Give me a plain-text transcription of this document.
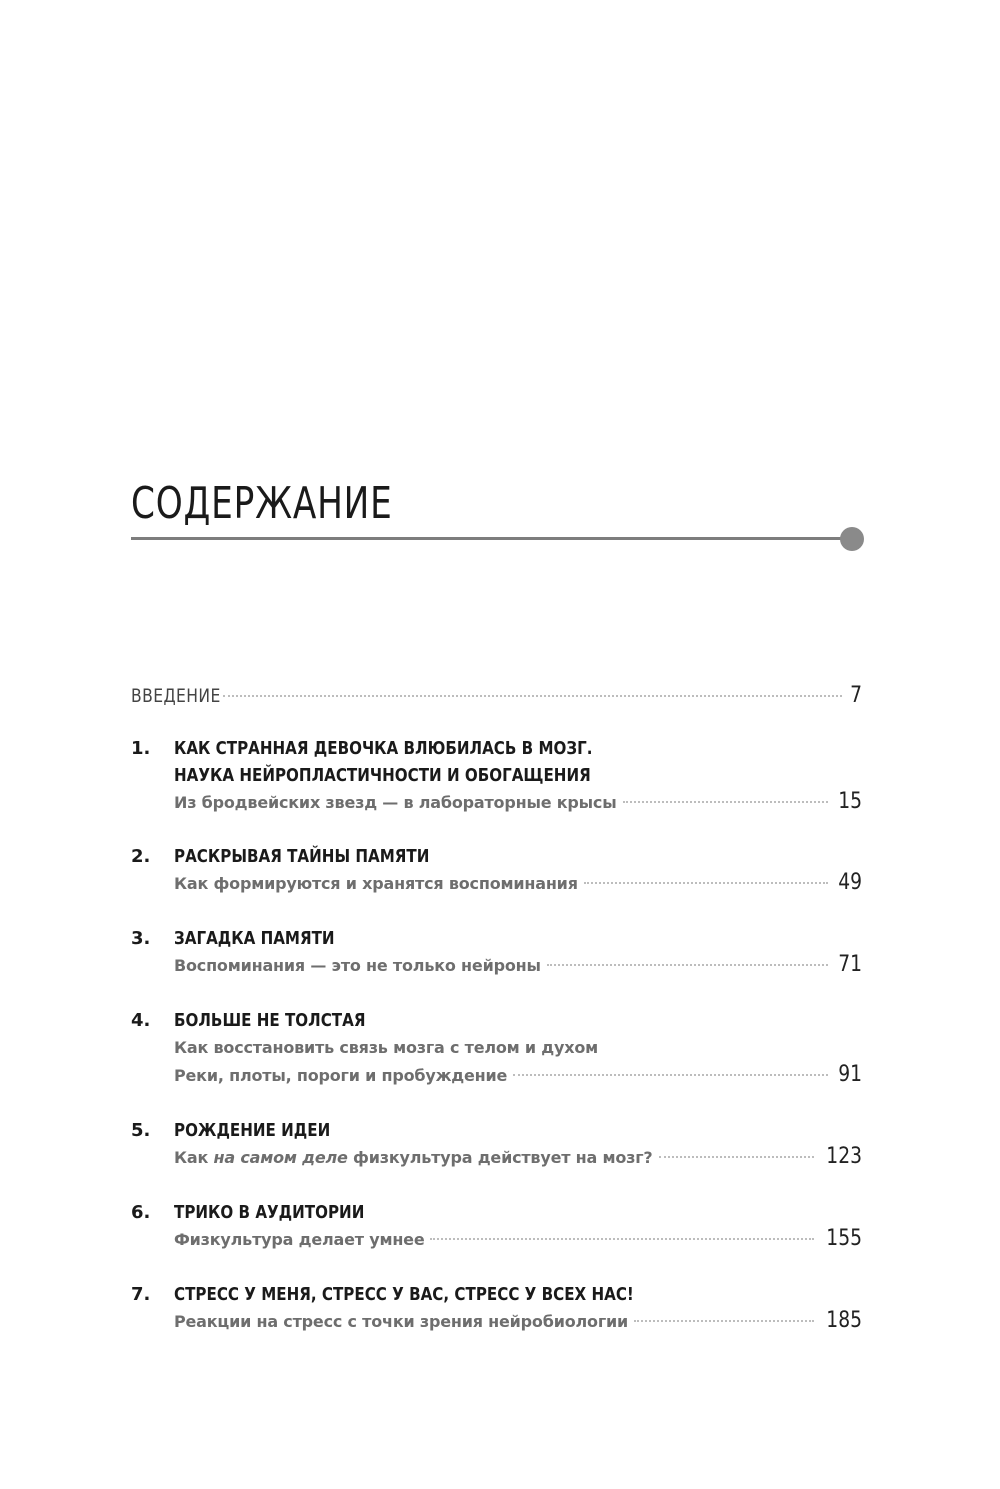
СОДЕРЖАНИЕ
ВВЕДЕНИЕ	7
1.	КАК СТРАННАЯ ДЕВОЧКА ВЛЮБИЛАСЬ В МОЗГ.
НАУКА НЕЙРОПЛАСТИЧНОСТИ И ОБОГАЩЕНИЯ
Из бродвейских звезд — в лабораторные крысы	15
2.	РАСКРЫВАЯ ТАЙНЫ ПАМЯТИ
Как формируются и хранятся воспоминания	49
3.	ЗАГАДКА ПАМЯТИ
Воспоминания — это не только нейроны	71
4.	БОЛЬШЕ НЕ ТОЛСТАЯ
Как восстановить связь мозга с телом и духом
Реки, плоты, пороги и пробуждение	91
5.	РОЖДЕНИЕ ИДЕИ
Как на самом деле физкультура действует на мозг?	123
6.	ТРИКО В АУДИТОРИИ
Физкультура делает умнее	155
7.	СТРЕСС У МЕНЯ, СТРЕСС У ВАС, СТРЕСС У ВСЕХ НАС!
Реакции на стресс с точки зрения нейробиологии	185
